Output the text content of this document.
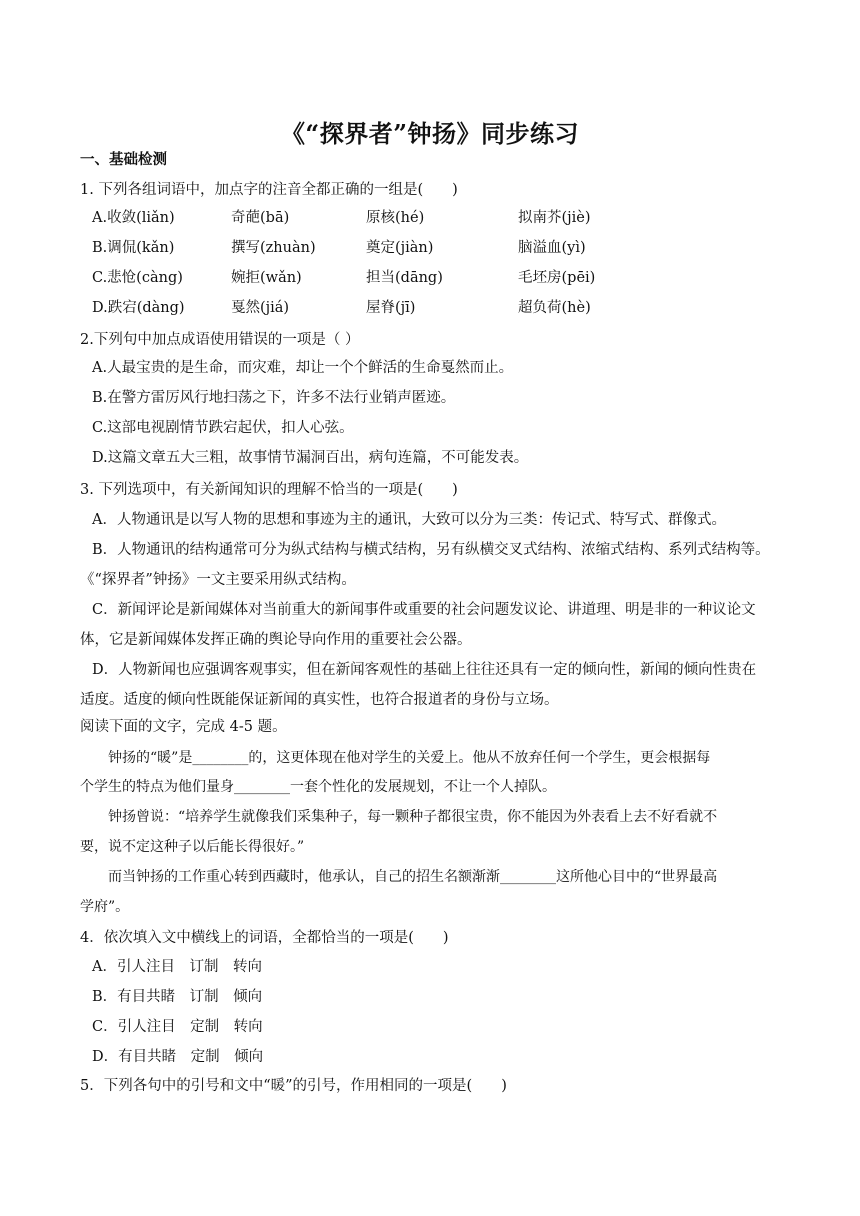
《“探界者”钟扬》同步练习
一、基础检测
1. 下列各组词语中，加点字的注音全都正确的一组是(　　)
A.收敛(liǎn)	奇葩(bā)	原核(hé)	拟南芥(jiè)
B.调侃(kǎn)	撰写(zhuàn)	奠定(jiàn)	脑溢血(yì)
C.悲怆(càng)	婉拒(wǎn)	担当(dāng)	毛坯房(pēi)
D.跌宕(dàng)	戛然(jiá)	屋脊(jī)	超负荷(hè)
2.下列句中加点成语使用错误的一项是（ ）
A.人最宝贵的是生命，而灾难，却让一个个鲜活的生命戛然而止。
B.在警方雷厉风行地扫荡之下，许多不法行业销声匿迹。
C.这部电视剧情节跌宕起伏，扣人心弦。
D.这篇文章五大三粗，故事情节漏洞百出，病句连篇，不可能发表。
3. 下列选项中，有关新闻知识的理解不恰当的一项是(　　)
A．人物通讯是以写人物的思想和事迹为主的通讯，大致可以分为三类：传记式、特写式、群像式。
B．人物通讯的结构通常可分为纵式结构与横式结构，另有纵横交叉式结构、浓缩式结构、系列式结构等。
《“探界者”钟扬》一文主要采用纵式结构。
C．新闻评论是新闻媒体对当前重大的新闻事件或重要的社会问题发议论、讲道理、明是非的一种议论文
体，它是新闻媒体发挥正确的舆论导向作用的重要社会公器。
D．人物新闻也应强调客观事实，但在新闻客观性的基础上往往还具有一定的倾向性，新闻的倾向性贵在
适度。适度的倾向性既能保证新闻的真实性，也符合报道者的身份与立场。
阅读下面的文字，完成 4-5 题。
钟扬的“暖”是________的，这更体现在他对学生的关爱上。他从不放弃任何一个学生，更会根据每
个学生的特点为他们量身________一套个性化的发展规划，不让一个人掉队。
钟扬曾说：“培养学生就像我们采集种子，每一颗种子都很宝贵，你不能因为外表看上去不好看就不
要，说不定这种子以后能长得很好。”
而当钟扬的工作重心转到西藏时，他承认，自己的招生名额渐渐________这所他心目中的“世界最高
学府”。
4．依次填入文中横线上的词语，全都恰当的一项是(　　)
A．引人注目　订制　转向
B．有目共睹　订制　倾向
C．引人注目　定制　转向
D．有目共睹　定制　倾向
5．下列各句中的引号和文中“暖”的引号，作用相同的一项是(　　)
